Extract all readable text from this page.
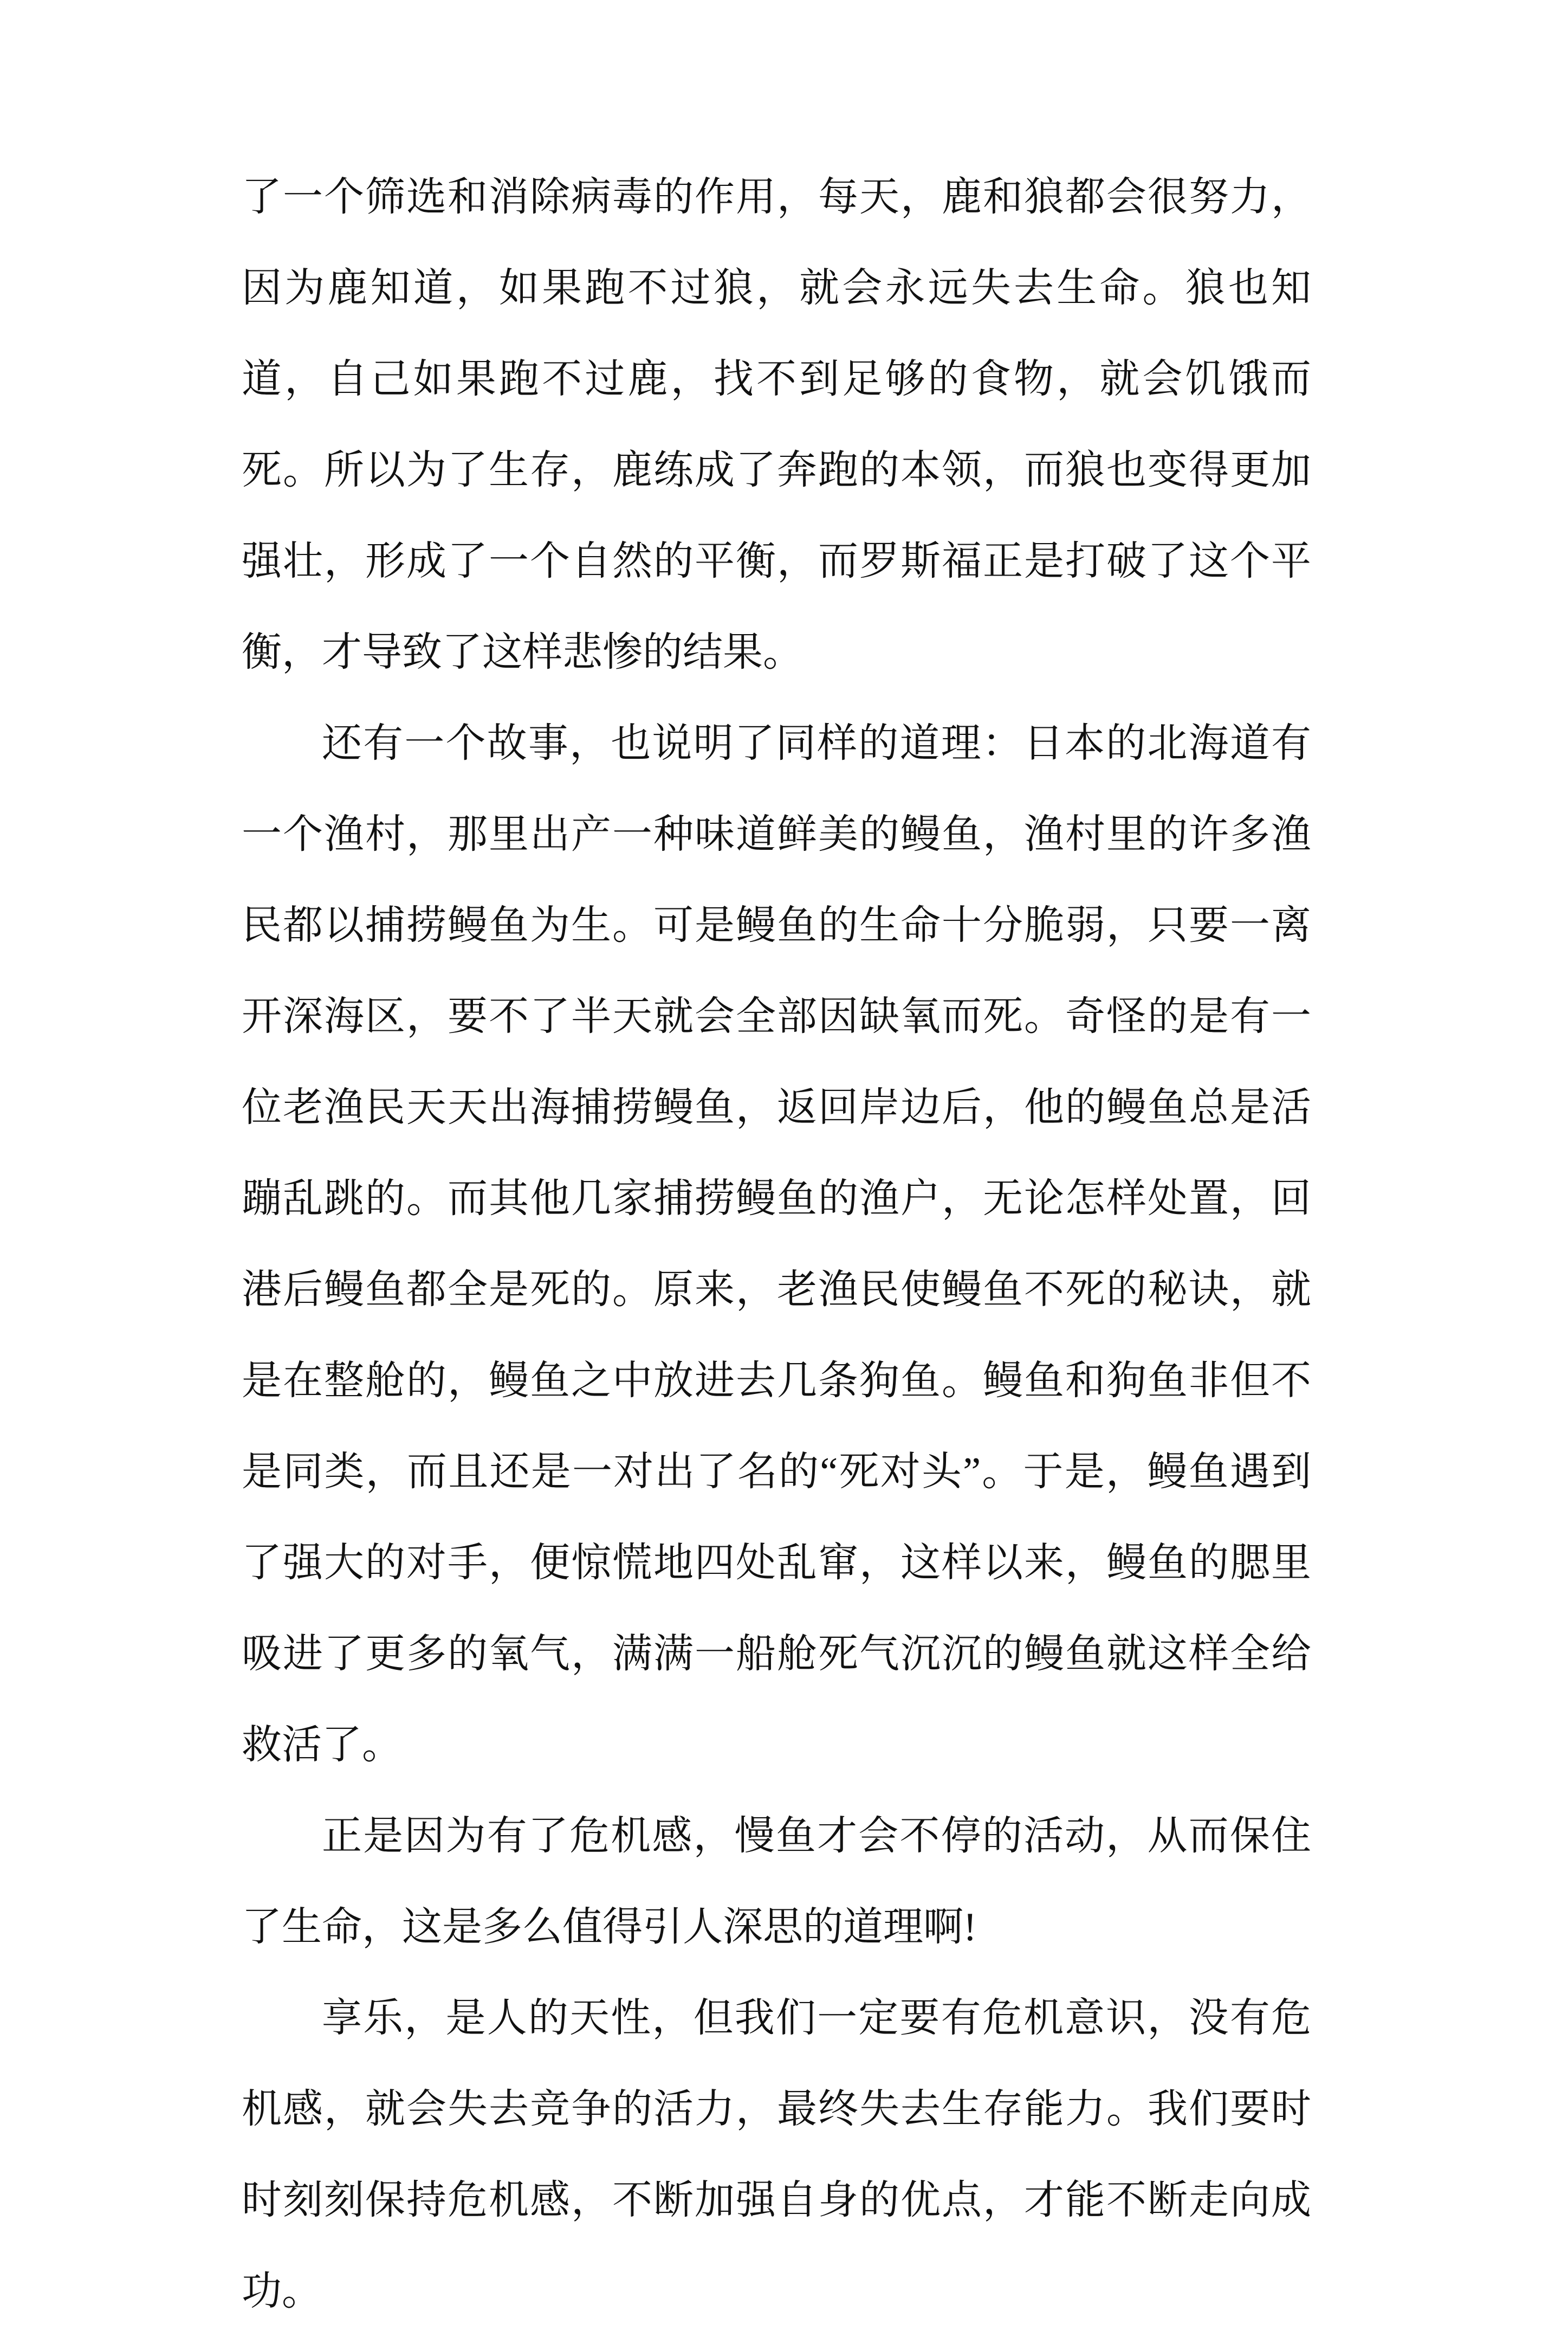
了一个筛选和消除病毒的作用，每天，鹿和狼都会很努力，因为鹿知道，如果跑不过狼，就会永远失去生命。狼也知道，自己如果跑不过鹿，找不到足够的食物，就会饥饿而死。所以为了生存，鹿练成了奔跑的本领，而狼也变得更加强壮，形成了一个自然的平衡，而罗斯福正是打破了这个平衡，才导致了这样悲惨的结果。

还有一个故事，也说明了同样的道理：日本的北海道有一个渔村，那里出产一种味道鲜美的鳗鱼，渔村里的许多渔民都以捕捞鳗鱼为生。可是鳗鱼的生命十分脆弱，只要一离开深海区，要不了半天就会全部因缺氧而死。奇怪的是有一位老渔民天天出海捕捞鳗鱼，返回岸边后，他的鳗鱼总是活蹦乱跳的。而其他几家捕捞鳗鱼的渔户，无论怎样处置，回港后鳗鱼都全是死的。原来，老渔民使鳗鱼不死的秘诀，就是在整舱的，鳗鱼之中放进去几条狗鱼。鳗鱼和狗鱼非但不是同类，而且还是一对出了名的“死对头”。于是，鳗鱼遇到了强大的对手，便惊慌地四处乱窜，这样以来，鳗鱼的腮里吸进了更多的氧气，满满一船舱死气沉沉的鳗鱼就这样全给救活了。

正是因为有了危机感，慢鱼才会不停的活动，从而保住了生命，这是多么值得引人深思的道理啊!

享乐，是人的天性，但我们一定要有危机意识，没有危机感，就会失去竞争的活力，最终失去生存能力。我们要时时刻刻保持危机感，不断加强自身的优点，才能不断走向成功。
